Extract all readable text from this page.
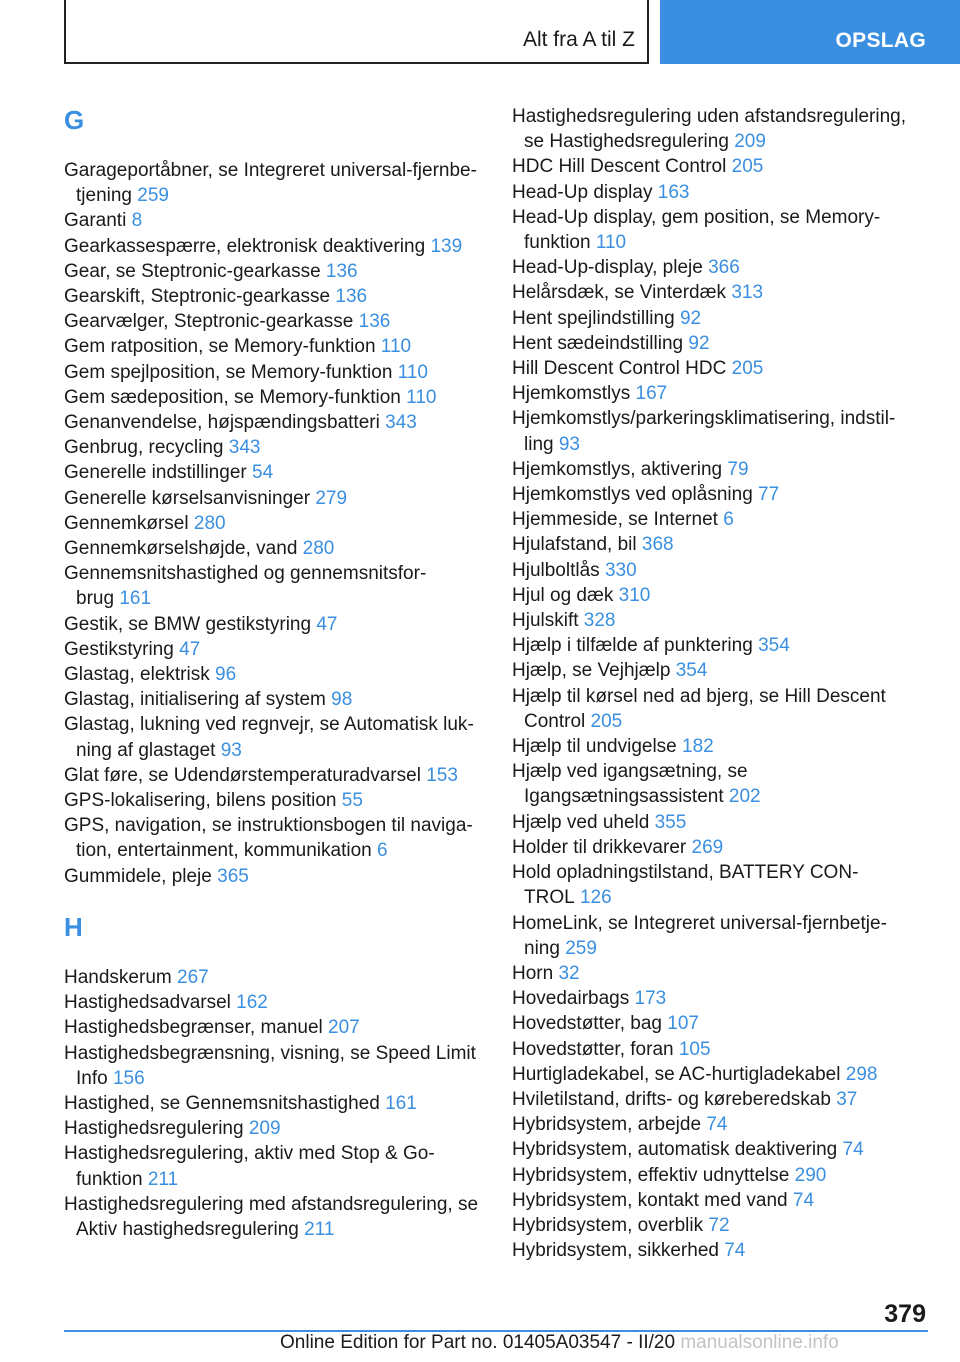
Alt fra A til Z	OPSLAG
G

Garageportåbner, se Integreret universal-fjernbetjening 259

Garanti 8

Gearkassespærre, elektronisk deaktivering 139

Gear, se Steptronic-gearkasse 136

Gearskift, Steptronic-gearkasse 136

Gearvælger, Steptronic-gearkasse 136

Gem ratposition, se Memory-funktion 110

Gem spejlposition, se Memory-funktion 110

Gem sædeposition, se Memory-funktion 110

Genanvendelse, højspændingsbatteri 343

Genbrug, recycling 343

Generelle indstillinger 54

Generelle kørselsanvisninger 279

Gennemkørsel 280

Gennemkørselshøjde, vand 280

Gennemsnitshastighed og gennemsnitsforbrug 161

Gestik, se BMW gestikstyring 47

Gestikstyring 47

Glastag, elektrisk 96

Glastag, initialisering af system 98

Glastag, lukning ved regnvejr, se Automatisk lukning af glastaget 93

Glat føre, se Udendørstemperaturadvarsel 153

GPS-lokalisering, bilens position 55

GPS, navigation, se instruktionsbogen til navigation, entertainment, kommunikation 6

Gummidele, pleje 365

H

Handskerum 267

Hastighedsadvarsel 162

Hastighedsbegrænser, manuel 207

Hastighedsbegrænsning, visning, se Speed Limit Info 156

Hastighed, se Gennemsnitshastighed 161

Hastighedsregulering 209

Hastighedsregulering, aktiv med Stop & Go-funktion 211

Hastighedsregulering med afstandsregulering, se Aktiv hastighedsregulering 211

Hastighedsregulering uden afstandsregulering, se Hastighedsregulering 209

HDC Hill Descent Control 205

Head-Up display 163

Head-Up display, gem position, se Memory-funktion 110

Head-Up-display, pleje 366

Helårsdæk, se Vinterdæk 313

Hent spejlindstilling 92

Hent sædeindstilling 92

Hill Descent Control HDC 205

Hjemkomstlys 167

Hjemkomstlys/parkeringsklimatisering, indstilling 93

Hjemkomstlys, aktivering 79

Hjemkomstlys ved oplåsning 77

Hjemmeside, se Internet 6

Hjulafstand, bil 368

Hjulboltlås 330

Hjul og dæk 310

Hjulskift 328

Hjælp i tilfælde af punktering 354

Hjælp, se Vejhjælp 354

Hjælp til kørsel ned ad bjerg, se Hill Descent Control 205

Hjælp til undvigelse 182

Hjælp ved igangsætning, se Igangsætningsassistent 202

Hjælp ved uheld 355

Holder til drikkevarer 269

Hold opladningstilstand, BATTERY CONTROL 126

HomeLink, se Integreret universal-fjernbetjening 259

Horn 32

Hovedairbags 173

Hovedstøtter, bag 107

Hovedstøtter, foran 105

Hurtigladekabel, se AC-hurtigladekabel 298

Hviletilstand, drifts- og køreberedskab 37

Hybridsystem, arbejde 74

Hybridsystem, automatisk deaktivering 74

Hybridsystem, effektiv udnyttelse 290

Hybridsystem, kontakt med vand 74

Hybridsystem, overblik 72

Hybridsystem, sikkerhed 74

379
Online Edition for Part no. 01405A03547 - II/20 manualsonline.info
